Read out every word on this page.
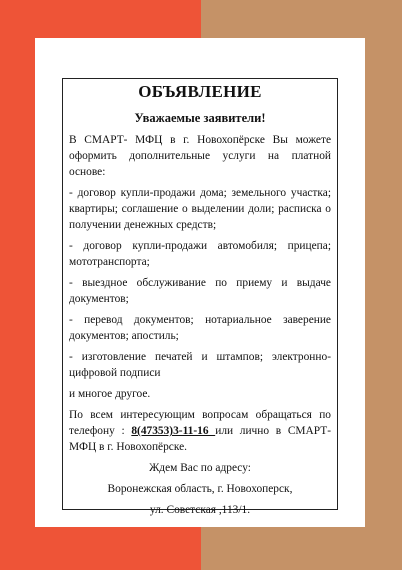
ОБЪЯВЛЕНИЕ
Уважаемые заявители!
В СМАРТ- МФЦ в г. Новохопёрске Вы можете оформить дополнительные услуги на платной основе:
- договор купли-продажи дома; земельного участка; квартиры; соглашение о выделении доли; расписка о получении денежных средств;
- договор купли-продажи автомобиля; прицепа; мототранспорта;
- выездное обслуживание по приему и выдаче документов;
- перевод документов; нотариальное заверение документов; апостиль;
- изготовление печатей и штампов; электронно-цифровой подписи
и многое другое.
По всем интересующим вопросам обращаться по телефону : 8(47353)3-11-16 или лично в СМАРТ-МФЦ в г. Новохопёрске.
Ждем Вас по адресу:
Воронежская область, г. Новохоперск,
ул. Советская ,113/1.
